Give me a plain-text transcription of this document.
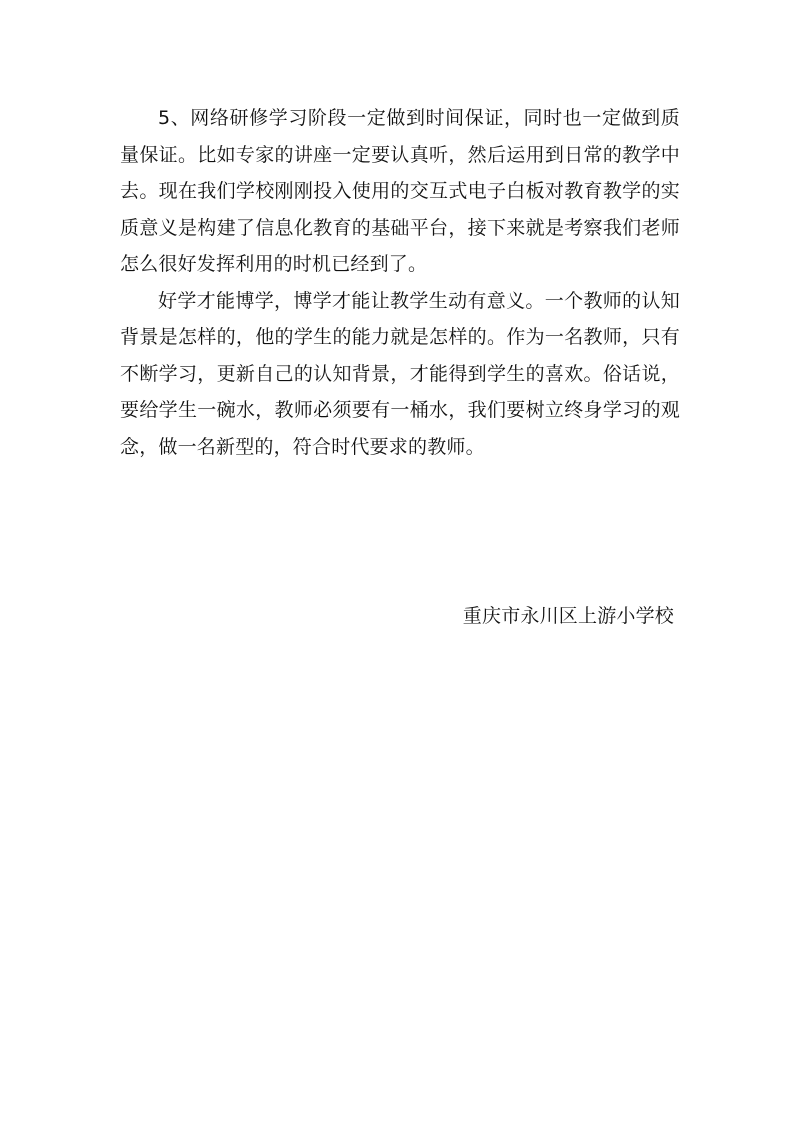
5、网络研修学习阶段一定做到时间保证，同时也一定做到质量保证。比如专家的讲座一定要认真听，然后运用到日常的教学中去。现在我们学校刚刚投入使用的交互式电子白板对教育教学的实质意义是构建了信息化教育的基础平台，接下来就是考察我们老师怎么很好发挥利用的时机已经到了。

好学才能博学，博学才能让教学生动有意义。一个教师的认知背景是怎样的，他的学生的能力就是怎样的。作为一名教师，只有不断学习，更新自己的认知背景，才能得到学生的喜欢。俗话说，要给学生一碗水，教师必须要有一桶水，我们要树立终身学习的观念，做一名新型的，符合时代要求的教师。

重庆市永川区上游小学校
